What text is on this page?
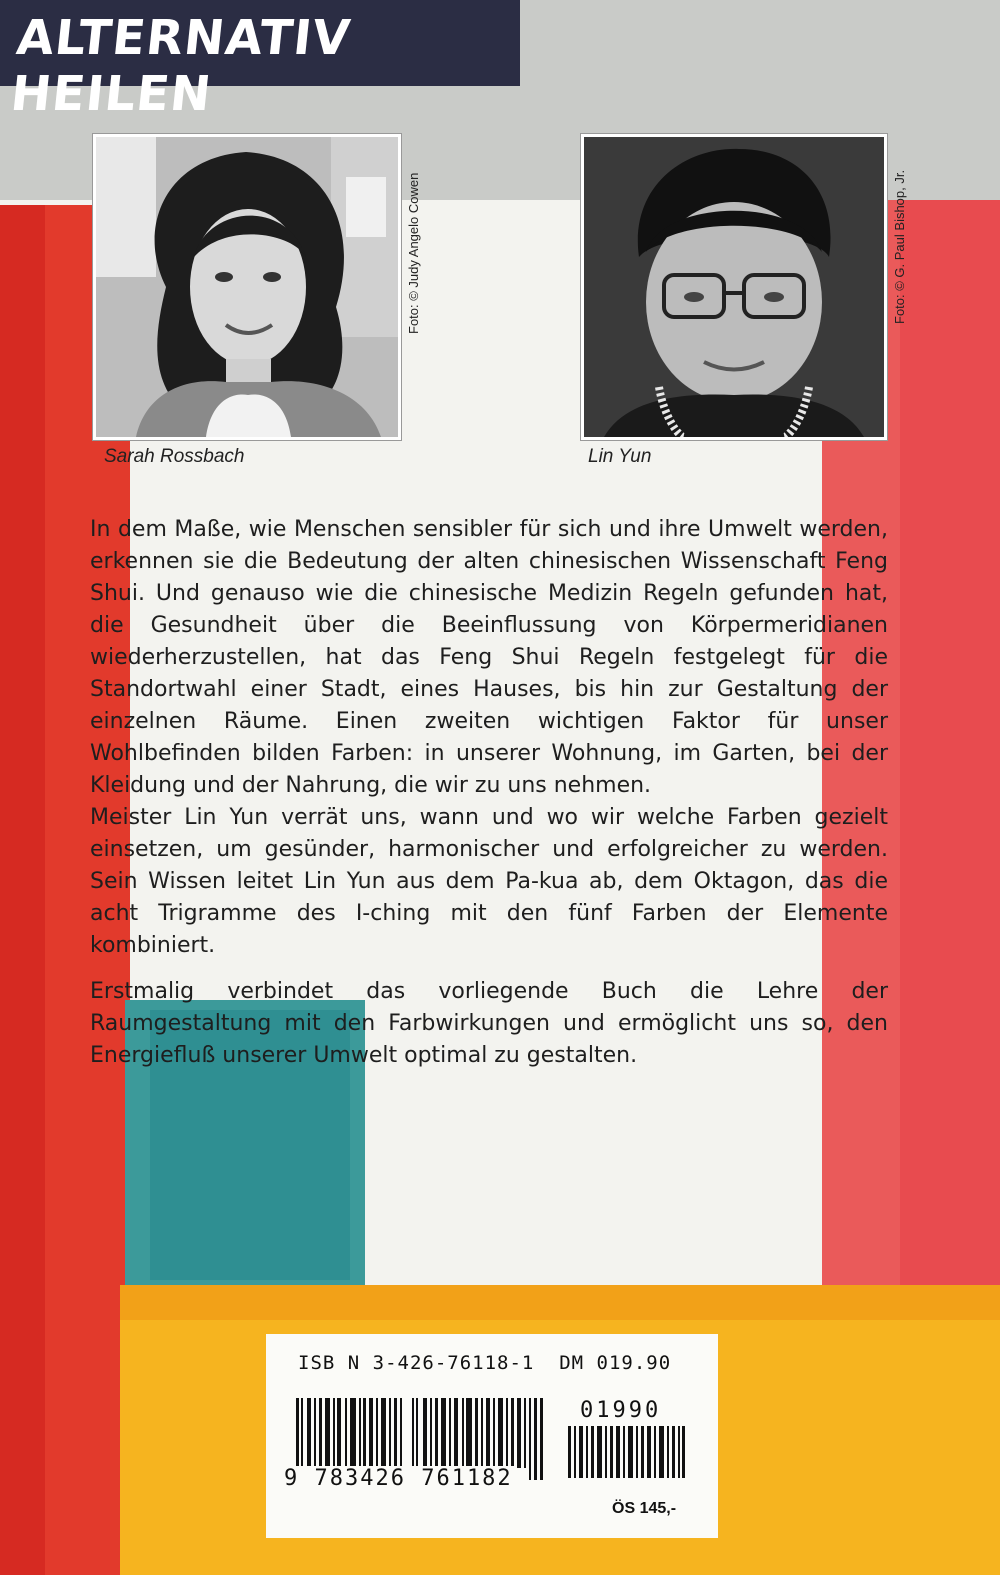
ALTERNATIV HEILEN
Foto: © Judy Angelo Cowen
Sarah Rossbach
Foto: © G. Paul Bishop, Jr.
Lin Yun

In dem Maße, wie Menschen sensibler für sich und ihre Umwelt werden, erkennen sie die Bedeutung der alten chinesischen Wissenschaft Feng Shui. Und genauso wie die chinesische Medizin Regeln gefunden hat, die Gesundheit über die Beeinflussung von Körpermeridianen wiederherzustellen, hat das Feng Shui Regeln festgelegt für die Standortwahl einer Stadt, eines Hauses, bis hin zur Gestaltung der einzelnen Räume. Einen zweiten wichtigen Faktor für unser Wohlbefinden bilden Farben: in unserer Wohnung, im Garten, bei der Kleidung und der Nahrung, die wir zu uns nehmen.

Meister Lin Yun verrät uns, wann und wo wir welche Farben gezielt einsetzen, um gesünder, harmonischer und erfolgreicher zu werden. Sein Wissen leitet Lin Yun aus dem Pa-kua ab, dem Oktagon, das die acht Trigramme des I-ching mit den fünf Farben der Elemente kombiniert.

Erstmalig verbindet das vorliegende Buch die Lehre der Raumgestaltung mit den Farbwirkungen und ermöglicht uns so, den Energiefluß unserer Umwelt optimal zu gestalten.

ISB N 3-426-76118-1  DM 019.90
9 783426 761182
01990
ÖS 145,-
